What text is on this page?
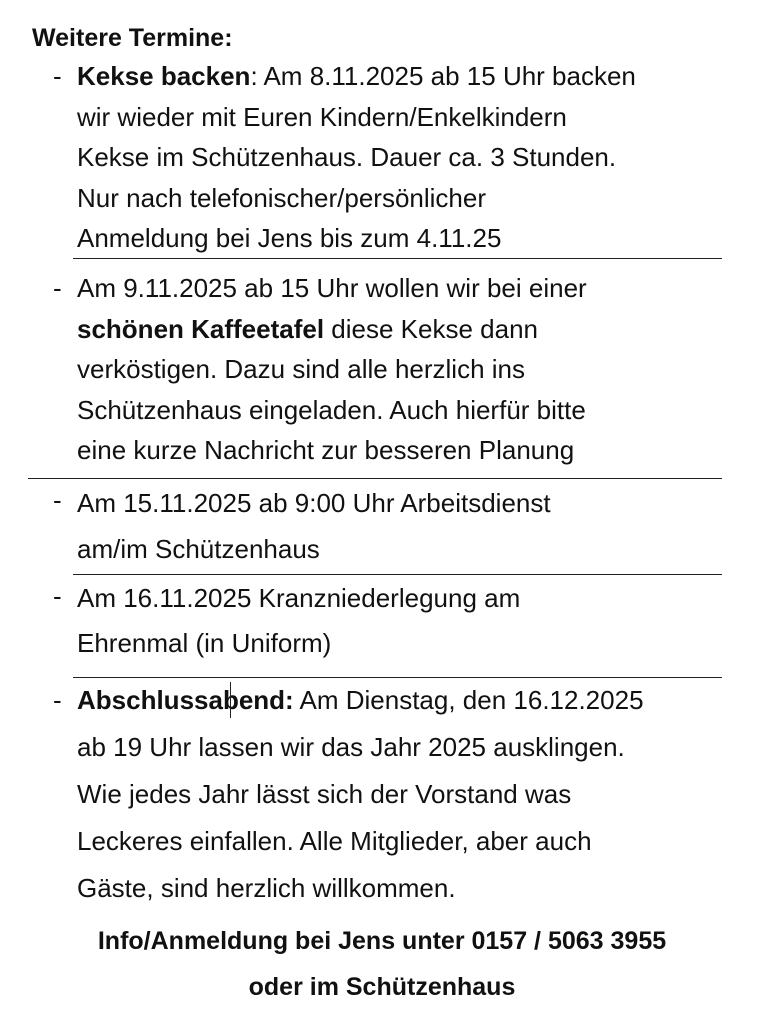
Weitere Termine:
- Kekse backen: Am 8.11.2025 ab 15 Uhr backen
wir wieder mit Euren Kindern/Enkelkindern
Kekse im Schützenhaus. Dauer ca. 3 Stunden.
Nur nach telefonischer/persönlicher
Anmeldung bei Jens bis zum 4.11.25
- Am 9.11.2025 ab 15 Uhr wollen wir bei einer
schönen Kaffeetafel diese Kekse dann
verköstigen. Dazu sind alle herzlich ins
Schützenhaus eingeladen. Auch hierfür bitte
eine kurze Nachricht zur besseren Planung
- Am 15.11.2025 ab 9:00 Uhr Arbeitsdienst
am/im Schützenhaus
- Am 16.11.2025 Kranzniederlegung am
Ehrenmal (in Uniform)
- Abschlussabend: Am Dienstag, den 16.12.2025
ab 19 Uhr lassen wir das Jahr 2025 ausklingen.
Wie jedes Jahr lässt sich der Vorstand was
Leckeres einfallen. Alle Mitglieder, aber auch
Gäste, sind herzlich willkommen.
Info/Anmeldung bei Jens unter 0157 / 5063 3955
oder im Schützenhaus
